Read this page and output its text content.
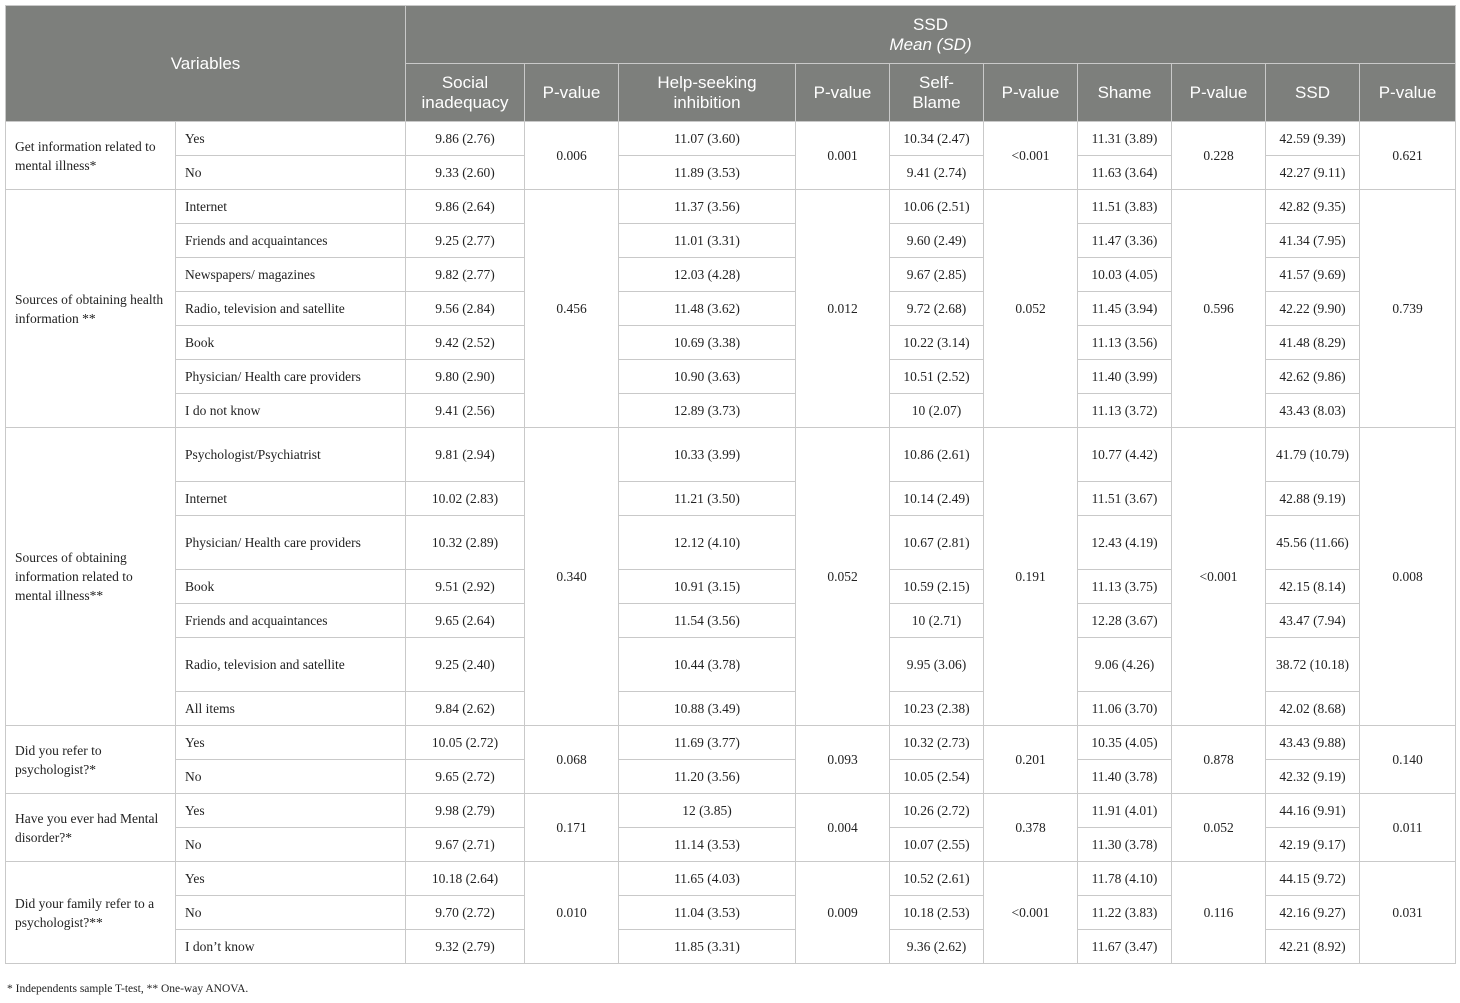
Variables		SSD
Mean (SD)									

		Social inadequacy	P-value	Help-seeking inhibition	P-value	Self-Blame	P-value	Shame	P-value	SSD	P-value
Get information related to mental illness*	Yes	9.86 (2.76)	0.006	11.07 (3.60)	0.001	10.34 (2.47)	<0.001	11.31 (3.89)	0.228	42.59 (9.39)	0.621
	No	9.33 (2.60)		11.89 (3.53)		9.41 (2.74)		11.63 (3.64)		42.27 (9.11)	
Sources of obtaining health information **	Internet	9.86 (2.64)	0.456	11.37 (3.56)	0.012	10.06 (2.51)	0.052	11.51 (3.83)	0.596	42.82 (9.35)	0.739
	Friends and acquaintances	9.25 (2.77)		11.01 (3.31)		9.60 (2.49)		11.47 (3.36)		41.34 (7.95)	
	Newspapers/ magazines	9.82 (2.77)		12.03 (4.28)		9.67 (2.85)		10.03 (4.05)		41.57 (9.69)	
	Radio, television and satellite	9.56 (2.84)		11.48 (3.62)		9.72 (2.68)		11.45 (3.94)		42.22 (9.90)	
	Book	9.42 (2.52)		10.69 (3.38)		10.22 (3.14)		11.13 (3.56)		41.48 (8.29)	
	Physician/ Health care providers	9.80 (2.90)		10.90 (3.63)		10.51 (2.52)		11.40 (3.99)		42.62 (9.86)	
	I do not know	9.41 (2.56)		12.89 (3.73)		10 (2.07)		11.13 (3.72)		43.43 (8.03)	
Sources of obtaining information related to mental illness**	Psychologist/Psychiatrist	9.81 (2.94)	0.340	10.33 (3.99)	0.052	10.86 (2.61)	0.191	10.77 (4.42)	<0.001	41.79 (10.79)	0.008
	Internet	10.02 (2.83)		11.21 (3.50)		10.14 (2.49)		11.51 (3.67)		42.88 (9.19)	
	Physician/ Health care providers	10.32 (2.89)		12.12 (4.10)		10.67 (2.81)		12.43 (4.19)		45.56 (11.66)	
	Book	9.51 (2.92)		10.91 (3.15)		10.59 (2.15)		11.13 (3.75)		42.15 (8.14)	
	Friends and acquaintances	9.65 (2.64)		11.54 (3.56)		10 (2.71)		12.28 (3.67)		43.47 (7.94)	
	Radio, television and satellite	9.25 (2.40)		10.44 (3.78)		9.95 (3.06)		9.06 (4.26)		38.72 (10.18)	
	All items	9.84 (2.62)		10.88 (3.49)		10.23 (2.38)		11.06 (3.70)		42.02 (8.68)	
Did you refer to psychologist?*	Yes	10.05 (2.72)	0.068	11.69 (3.77)	0.093	10.32 (2.73)	0.201	10.35 (4.05)	0.878	43.43 (9.88)	0.140
	No	9.65 (2.72)		11.20 (3.56)		10.05 (2.54)		11.40 (3.78)		42.32 (9.19)	
Have you ever had Mental disorder?*	Yes	9.98 (2.79)	0.171	12 (3.85)	0.004	10.26 (2.72)	0.378	11.91 (4.01)	0.052	44.16 (9.91)	0.011
	No	9.67 (2.71)		11.14 (3.53)		10.07 (2.55)		11.30 (3.78)		42.19 (9.17)	
Did your family refer to a psychologist?**	Yes	10.18 (2.64)	0.010	11.65 (4.03)	0.009	10.52 (2.61)	<0.001	11.78 (4.10)	0.116	44.15 (9.72)	0.031
	No	9.70 (2.72)		11.04 (3.53)		10.18 (2.53)		11.22 (3.83)		42.16 (9.27)	
	I don’t know	9.32 (2.79)		11.85 (3.31)		9.36 (2.62)		11.67 (3.47)		42.21 (8.92)	
* Independents sample T-test, ** One-way ANOVA.
